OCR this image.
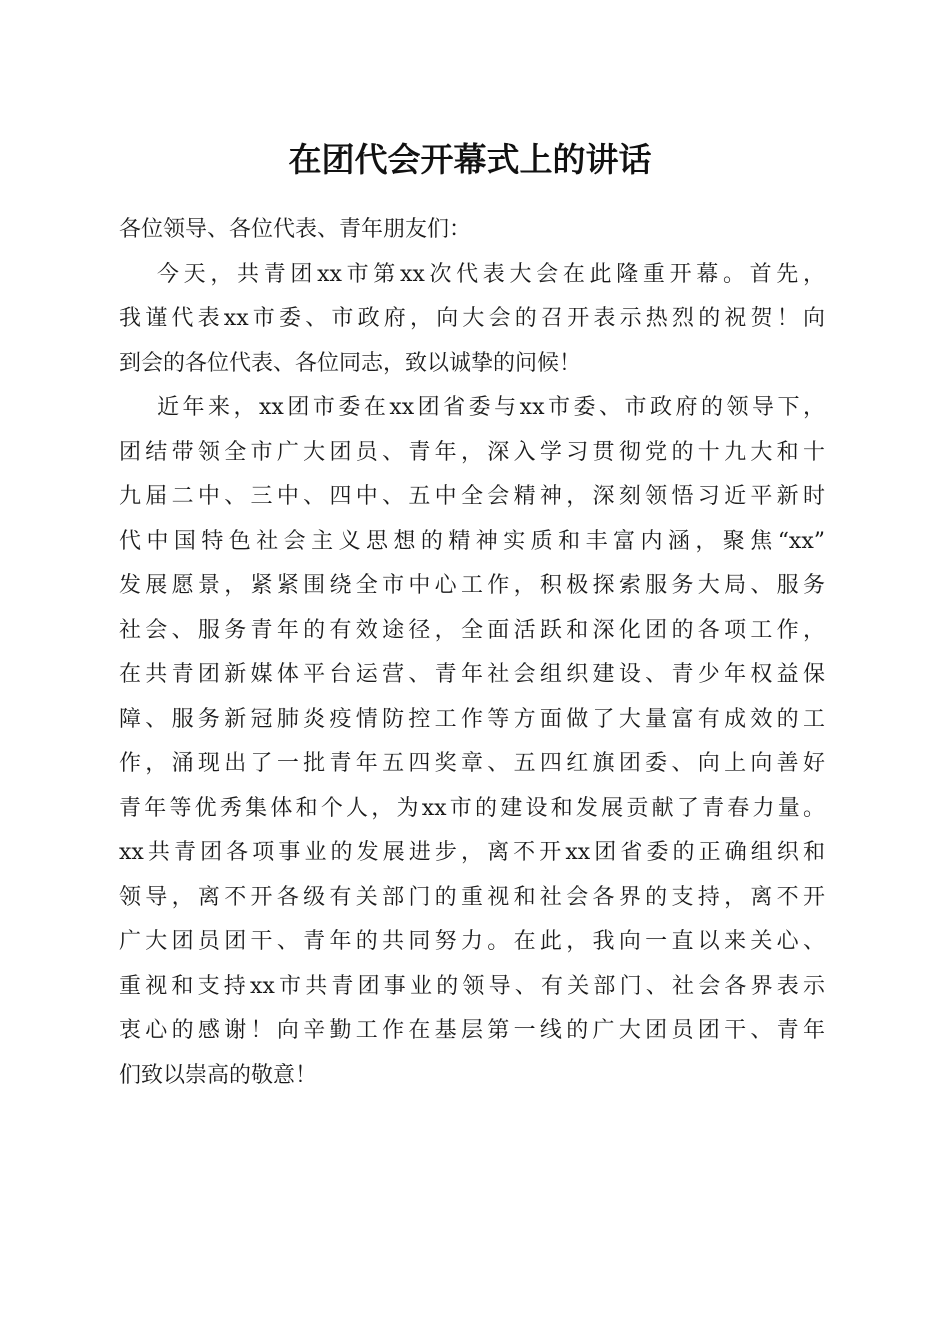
在团代会开幕式上的讲话
各位领导、各位代表、青年朋友们：
今天，共青团xx市第xx次代表大会在此隆重开幕。首先，
我谨代表xx市委、市政府，向大会的召开表示热烈的祝贺！向
到会的各位代表、各位同志，致以诚挚的问候！
近年来，xx团市委在xx团省委与xx市委、市政府的领导下，
团结带领全市广大团员、青年，深入学习贯彻党的十九大和十
九届二中、三中、四中、五中全会精神，深刻领悟习近平新时
代中国特色社会主义思想的精神实质和丰富内涵，聚焦“xx”
发展愿景，紧紧围绕全市中心工作，积极探索服务大局、服务
社会、服务青年的有效途径，全面活跃和深化团的各项工作，
在共青团新媒体平台运营、青年社会组织建设、青少年权益保
障、服务新冠肺炎疫情防控工作等方面做了大量富有成效的工
作，涌现出了一批青年五四奖章、五四红旗团委、向上向善好
青年等优秀集体和个人，为xx市的建设和发展贡献了青春力量。
xx共青团各项事业的发展进步，离不开xx团省委的正确组织和
领导，离不开各级有关部门的重视和社会各界的支持，离不开
广大团员团干、青年的共同努力。在此，我向一直以来关心、
重视和支持xx市共青团事业的领导、有关部门、社会各界表示
衷心的感谢！向辛勤工作在基层第一线的广大团员团干、青年
们致以崇高的敬意！
